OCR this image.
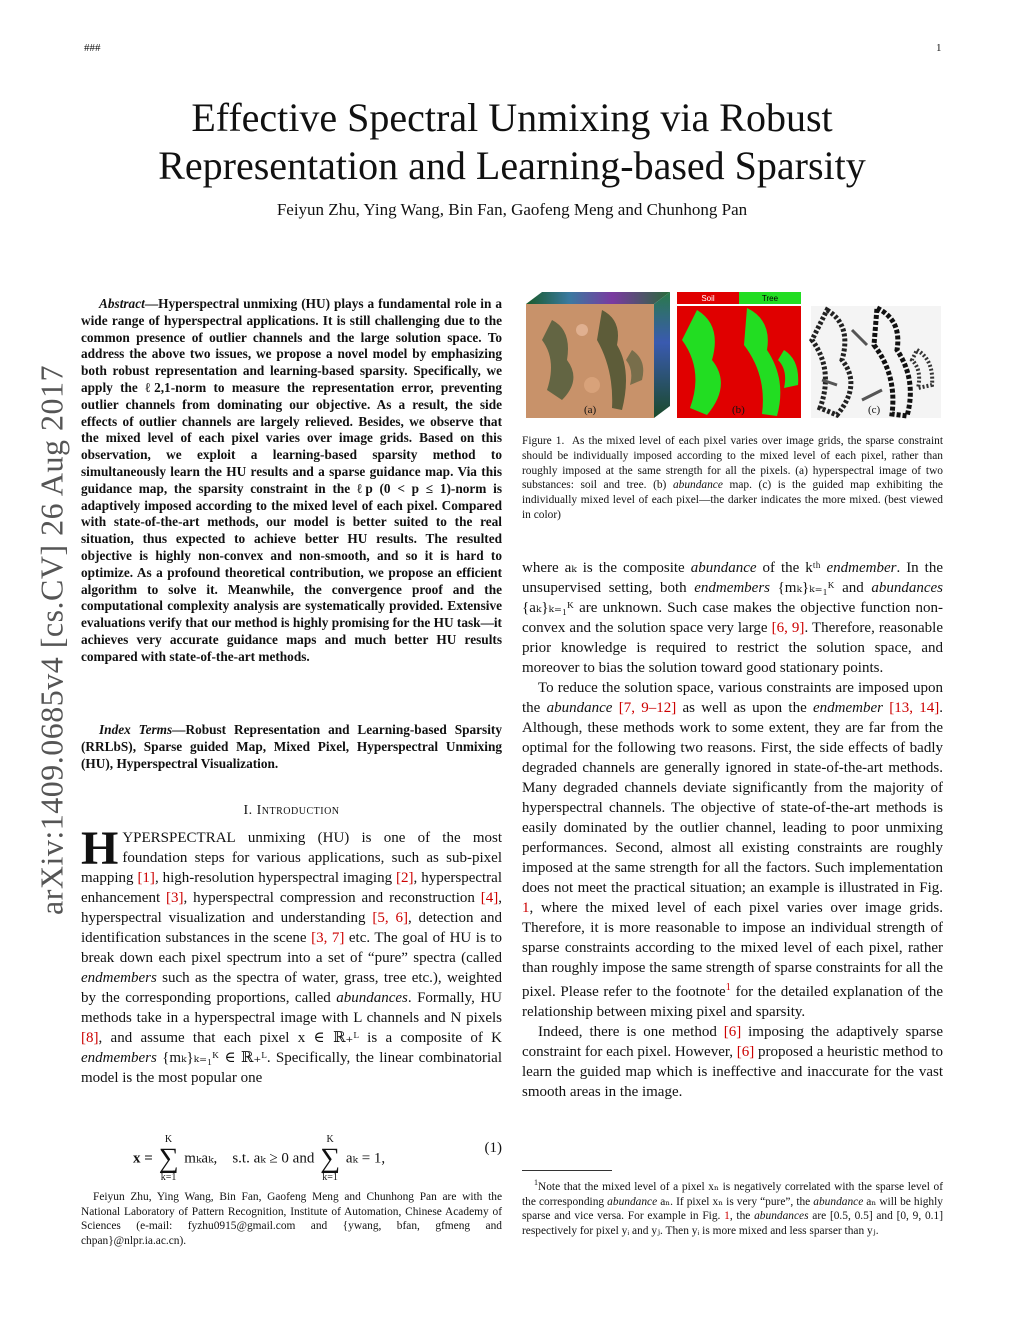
###	1
arXiv:1409.0685v4 [cs.CV] 26 Aug 2017
Effective Spectral Unmixing via Robust Representation and Learning-based Sparsity
Feiyun Zhu, Ying Wang, Bin Fan, Gaofeng Meng and Chunhong Pan
Abstract—Hyperspectral unmixing (HU) plays a fundamental role in a wide range of hyperspectral applications. It is still challenging due to the common presence of outlier channels and the large solution space. To address the above two issues, we propose a novel model by emphasizing both robust representation and learning-based sparsity. Specifically, we apply the ℓ2,1-norm to measure the representation error, preventing outlier channels from dominating our objective. As a result, the side effects of outlier channels are largely relieved. Besides, we observe that the mixed level of each pixel varies over image grids. Based on this observation, we exploit a learning-based sparsity method to simultaneously learn the HU results and a sparse guidance map. Via this guidance map, the sparsity constraint in the ℓp (0 < p ≤ 1)-norm is adaptively imposed according to the mixed level of each pixel. Compared with state-of-the-art methods, our model is better suited to the real situation, thus expected to achieve better HU results. The resulted objective is highly non-convex and non-smooth, and so it is hard to optimize. As a profound theoretical contribution, we propose an efficient algorithm to solve it. Meanwhile, the convergence proof and the computational complexity analysis are systematically provided. Extensive evaluations verify that our method is highly promising for the HU task—it achieves very accurate guidance maps and much better HU results compared with state-of-the-art methods.
Index Terms—Robust Representation and Learning-based Sparsity (RRLbS), Sparse guided Map, Mixed Pixel, Hyperspectral Unmixing (HU), Hyperspectral Visualization.
I. Introduction
HYPERSPECTRAL unmixing (HU) is one of the most foundation steps for various applications, such as sub-pixel mapping [1], high-resolution hyperspectral imaging [2], hyperspectral enhancement [3], hyperspectral compression and reconstruction [4], hyperspectral visualization and understanding [5, 6], detection and identification substances in the scene [3, 7] etc. The goal of HU is to break down each pixel spectrum into a set of “pure” spectra (called endmembers such as the spectra of water, grass, tree etc.), weighted by the corresponding proportions, called abundances. Formally, HU methods take in a hyperspectral image with L channels and N pixels [8], and assume that each pixel x ∈ ℝ₊ᴸ is a composite of K endmembers {mₖ}ₖ₌₁ᴷ ∈ ℝ₊ᴸ. Specifically, the linear combinatorial model is the most popular one
x =
K
∑
k=1
mₖaₖ, s.t. aₖ ≥ 0 and
K
∑
k=1
aₖ = 1,
(1)
Feiyun Zhu, Ying Wang, Bin Fan, Gaofeng Meng and Chunhong Pan are with the National Laboratory of Pattern Recognition, Institute of Automation, Chinese Academy of Sciences (e-mail: fyzhu0915@gmail.com and {ywang, bfan, gfmeng and chpan}@nlpr.ia.ac.cn).
Soil	Tree
(a)	(b)	(c)
Figure 1. As the mixed level of each pixel varies over image grids, the sparse constraint should be individually imposed according to the mixed level of each pixel, rather than roughly imposed at the same strength for all the pixels. (a) hyperspectral image of two substances: soil and tree. (b) abundance map. (c) is the guided map exhibiting the individually mixed level of each pixel—the darker indicates the more mixed. (best viewed in color)

where aₖ is the composite abundance of the kᵗʰ endmember. In the unsupervised setting, both endmembers {mₖ}ₖ₌₁ᴷ and abundances {aₖ}ₖ₌₁ᴷ are unknown. Such case makes the objective function non-convex and the solution space very large [6, 9]. Therefore, reasonable prior knowledge is required to restrict the solution space, and moreover to bias the solution toward good stationary points.

To reduce the solution space, various constraints are imposed upon the abundance [7, 9–12] as well as upon the endmember [13, 14]. Although, these methods work to some extent, they are far from the optimal for the following two reasons. First, the side effects of badly degraded channels are generally ignored in state-of-the-art methods. Many degraded channels deviate significantly from the majority of hyperspectral channels. The objective of state-of-the-art methods is easily dominated by the outlier channel, leading to poor unmixing performances. Second, almost all existing constraints are roughly imposed at the same strength for all the factors. Such implementation does not meet the practical situation; an example is illustrated in Fig. 1, where the mixed level of each pixel varies over image grids. Therefore, it is more reasonable to impose an individual strength of sparse constraints according to the mixed level of each pixel, rather than roughly impose the same strength of sparse constraints for all the pixel. Please refer to the footnote$^1$ for the detailed explanation of the relationship between mixing pixel and sparsity.

Indeed, there is one method [6] imposing the adaptively sparse constraint for each pixel. However, [6] proposed a heuristic method to learn the guided map which is ineffective and inaccurate for the vast smooth areas in the image.

$^1$Note that the mixed level of a pixel xₙ is negatively correlated with the sparse level of the corresponding abundance aₙ. If pixel xₙ is very “pure”, the abundance aₙ will be highly sparse and vice versa. For example in Fig. 1, the abundances are [0.5, 0.5] and [0, 9, 0.1] respectively for pixel yᵢ and yⱼ. Then yᵢ is more mixed and less sparser than yⱼ.
